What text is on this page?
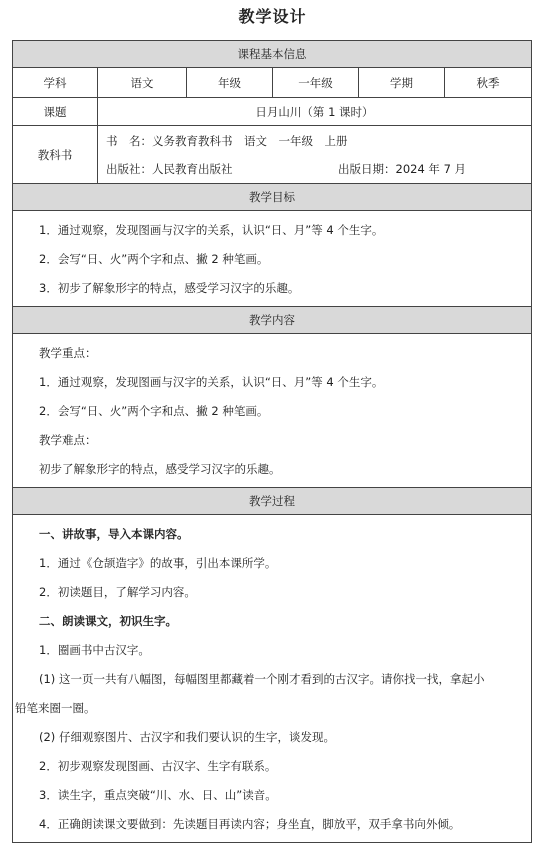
教学设计
课程基本信息
学科	语文	年级	一年级	学期	秋季
课题	日月山川（第 1 课时）
教科书
书　名：义务教育教科书　语文　一年级　上册
出版社：人民教育出版社	出版日期：2024 年 7 月
教学目标
1．通过观察，发现图画与汉字的关系，认识“日、月”等 4 个生字。
2．会写“日、火”两个字和点、撇 2 种笔画。
3．初步了解象形字的特点，感受学习汉字的乐趣。
教学内容
教学重点：
1．通过观察，发现图画与汉字的关系，认识“日、月”等 4 个生字。
2．会写“日、火”两个字和点、撇 2 种笔画。
教学难点：
初步了解象形字的特点，感受学习汉字的乐趣。
教学过程
一、讲故事，导入本课内容。
1．通过《仓颉造字》的故事，引出本课所学。
2．初读题目，了解学习内容。
二、朗读课文，初识生字。
1．圈画书中古汉字。
(1) 这一页一共有八幅图，每幅图里都藏着一个刚才看到的古汉字。请你找一找，拿起小
铅笔来圈一圈。
(2) 仔细观察图片、古汉字和我们要认识的生字，谈发现。
2．初步观察发现图画、古汉字、生字有联系。
3．读生字，重点突破“川、水、日、山”读音。
4．正确朗读课文要做到：先读题目再读内容；身坐直，脚放平，双手拿书向外倾。
